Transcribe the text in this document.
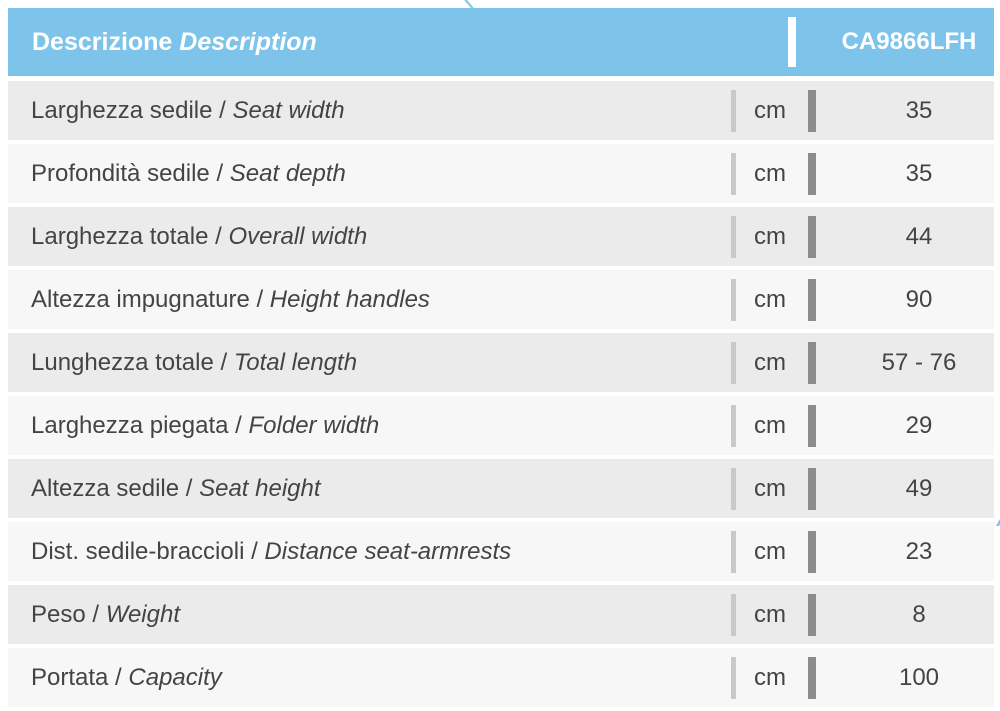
Descrizione Description	CA9866LFH
Larghezza sedile / Seat width	cm	35
Profondità sedile / Seat depth	cm	35
Larghezza totale / Overall width	cm	44
Altezza impugnature / Height handles	cm	90
Lunghezza totale / Total length	cm	57 - 76
Larghezza piegata / Folder width	cm	29
Altezza sedile / Seat height	cm	49
Dist. sedile-braccioli / Distance seat-armrests	cm	23
Peso / Weight	cm	8
Portata / Capacity	cm	100
